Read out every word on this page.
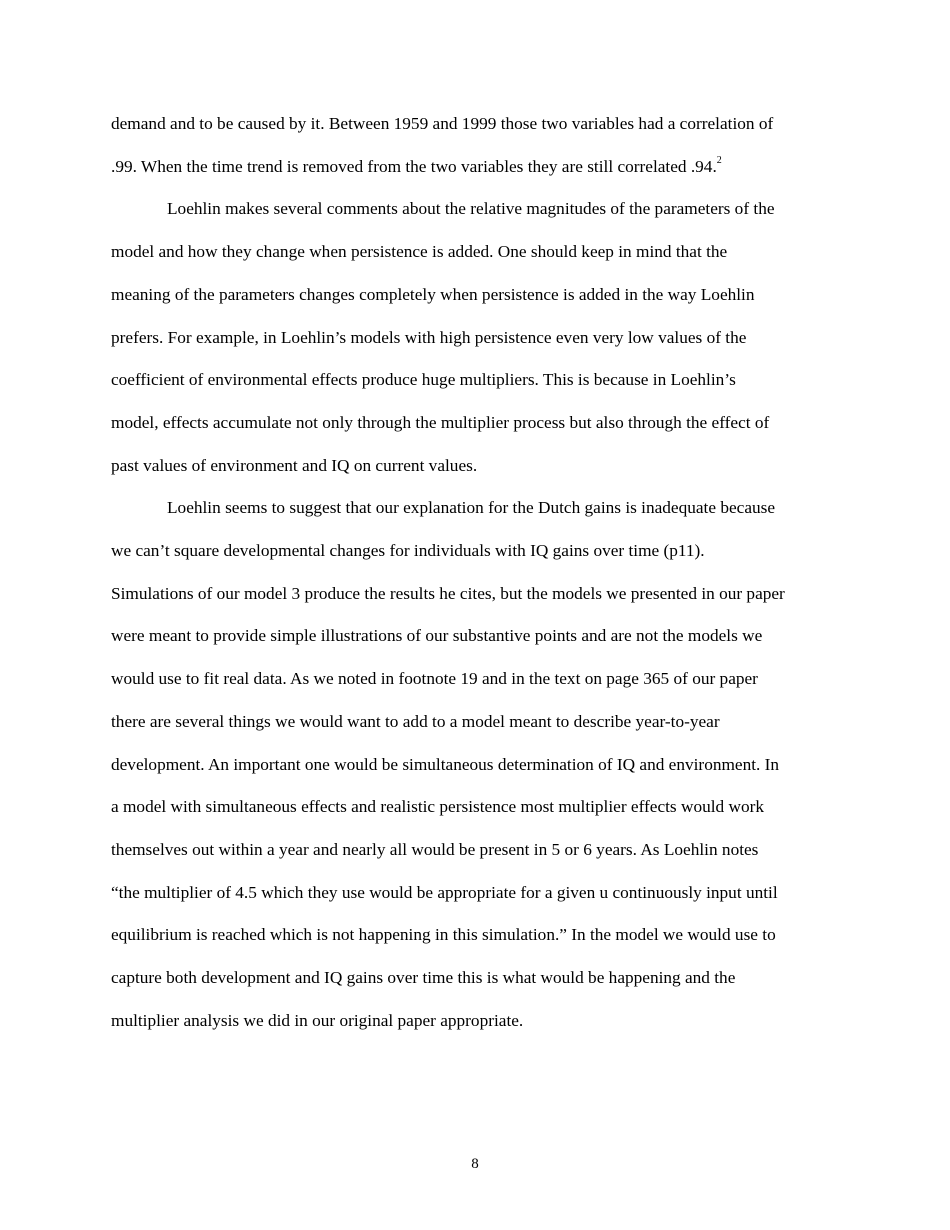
demand and to be caused by it. Between 1959 and 1999 those two variables had a correlation of
.99. When the time trend is removed from the two variables they are still correlated .94.$^2$

Loehlin makes several comments about the relative magnitudes of the parameters of the
model and how they change when persistence is added. One should keep in mind that the
meaning of the parameters changes completely when persistence is added in the way Loehlin
prefers. For example, in Loehlin’s models with high persistence even very low values of the
coefficient of environmental effects produce huge multipliers. This is because in Loehlin’s
model, effects accumulate not only through the multiplier process but also through the effect of
past values of environment and IQ on current values.

Loehlin seems to suggest that our explanation for the Dutch gains is inadequate because
we can’t square developmental changes for individuals with IQ gains over time (p11).
Simulations of our model 3 produce the results he cites, but the models we presented in our paper
were meant to provide simple illustrations of our substantive points and are not the models we
would use to fit real data. As we noted in footnote 19 and in the text on page 365 of our paper
there are several things we would want to add to a model meant to describe year-to-year
development. An important one would be simultaneous determination of IQ and environment. In
a model with simultaneous effects and realistic persistence most multiplier effects would work
themselves out within a year and nearly all would be present in 5 or 6 years. As Loehlin notes
“the multiplier of 4.5 which they use would be appropriate for a given u continuously input until
equilibrium is reached which is not happening in this simulation.” In the model we would use to
capture both development and IQ gains over time this is what would be happening and the
multiplier analysis we did in our original paper appropriate.

8
